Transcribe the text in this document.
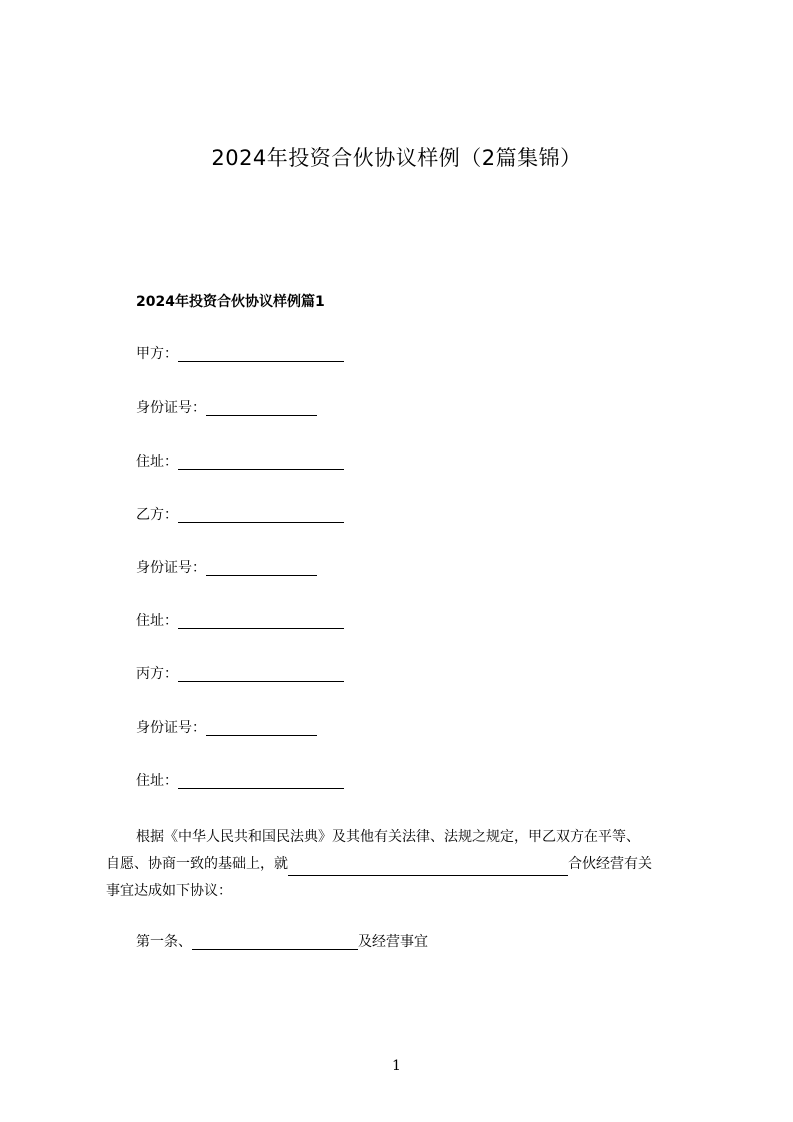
2024年投资合伙协议样例（2篇集锦）
2024年投资合伙协议样例篇1
甲方：
身份证号：
住址：
乙方：
身份证号：
住址：
丙方：
身份证号：
住址：
根据《中华人民共和国民法典》及其他有关法律、法规之规定，甲乙双方在平等、
自愿、协商一致的基础上，就	合伙经营有关
事宜达成如下协议：
第一条、	及经营事宜
1
